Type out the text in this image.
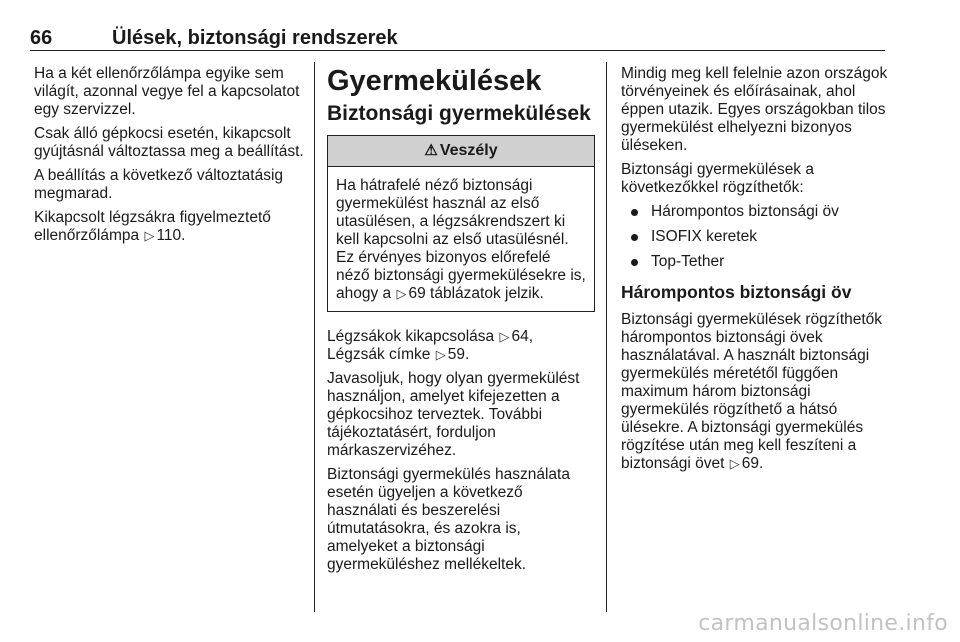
66	Ülések, biztonsági rendszerek

Ha a két ellenőrzőlámpa egyike sem világít, azonnal vegye fel a kapcsolatot egy szervizzel.

Csak álló gépkocsi esetén, kikapcsolt gyújtásnál változtassa meg a beállítást.

A beállítás a következő változtatásig megmarad.

Kikapcsolt légzsákra figyelmeztető ellenőrzőlámpa ▷ 110.

Gyermekülések
Biztonsági gyermekülések
⚠ Veszély
Ha hátrafelé néző biztonsági gyermekülést használ az első utasülésen, a légzsákrendszert ki kell kapcsolni az első utasülésnél. Ez érvényes bizonyos előrefelé néző biztonsági gyermekülésekre is, ahogy a ▷ 69 táblázatok jelzik.

Légzsákok kikapcsolása ▷ 64,
Légzsák címke ▷ 59.

Javasoljuk, hogy olyan gyermekülést használjon, amelyet kifejezetten a gépkocsihoz terveztek. További tájékoztatásért, forduljon márkaszervizéhez.

Biztonsági gyermekülés használata esetén ügyeljen a következő használati és beszerelési útmutatásokra, és azokra is, amelyeket a biztonsági gyermeküléshez mellékeltek.

Mindig meg kell felelnie azon országok törvényeinek és előírásainak, ahol éppen utazik. Egyes országokban tilos gyermekülést elhelyezni bizonyos üléseken.

Biztonsági gyermekülések a következőkkel rögzíthetők:

Hárompontos biztonsági öv
ISOFIX keretek
Top-Tether
Hárompontos biztonsági öv

Biztonsági gyermekülések rögzíthetők hárompontos biztonsági övek használatával. A használt biztonsági gyermekülés méretétől függően maximum három biztonsági gyermekülés rögzíthető a hátsó ülésekre. A biztonsági gyermekülés rögzítése után meg kell feszíteni a biztonsági övet ▷ 69.

carmanualsonline.info
